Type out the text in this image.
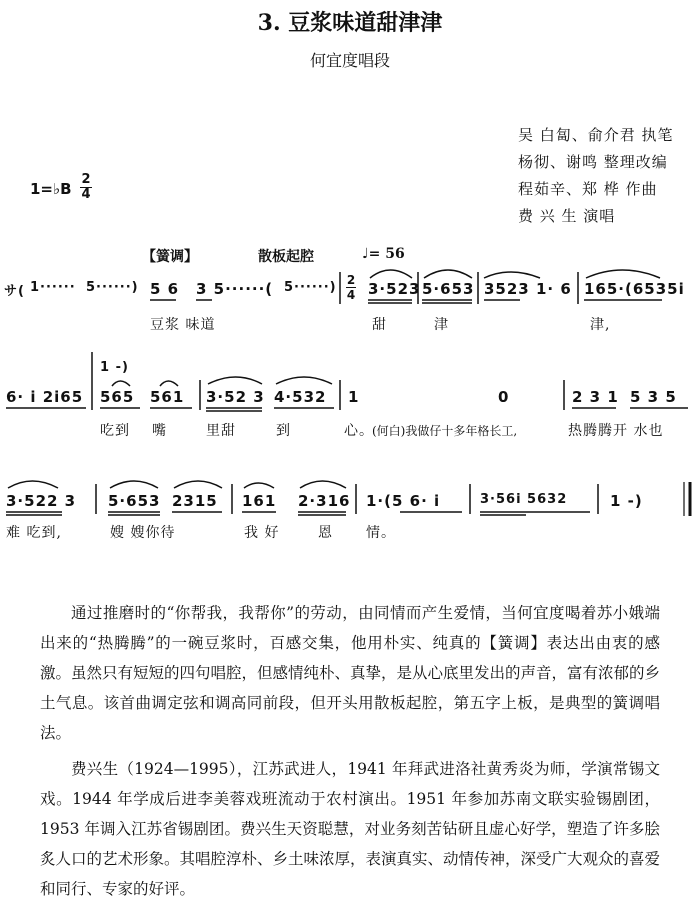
3. 豆浆味道甜津津
何宜度唱段
吴 白匐、俞介君 执笔
杨彻、谢鸣 整理改编
程茹辛、郑 桦 作曲
费 兴 生 演唱
1=♭B
2
4
【簧调】	散板起腔	♩= 56
サ( 1······ 5······) 5 6 3 5······( 5······) 2
4 3·523 5·653 3523 1· 6 165·(6535i
豆浆 味道	甜	津	津,
6· i 2i65
1 -)
565 561 3·52 3 4·532 1	0	2 3 1 5 3 5
吃到 嘴	里甜	到	心。
(何白)我做仔十多年格长工,	热腾腾开 水也
3·522 3 5·653 2315 161 2·316 1·(5 6· i	3·56i 5632	1 -)
难 吃到,	嫂 嫂你待	我 好	恩 情。

通过推磨时的“你帮我，我帮你”的劳动，由同情而产生爱情，当何宜度喝着苏小娥端出来的“热腾腾”的一碗豆浆时，百感交集，他用朴实、纯真的【簧调】表达出由衷的感激。虽然只有短短的四句唱腔，但感情纯朴、真挚，是从心底里发出的声音，富有浓郁的乡土气息。该首曲调定弦和调高同前段，但开头用散板起腔，第五字上板，是典型的簧调唱法。

费兴生（1924—1995），江苏武进人，1941 年拜武进洛社黄秀炎为师，学演常锡文戏。1944 年学成后进李美蓉戏班流动于农村演出。1951 年参加苏南文联实验锡剧团，1953 年调入江苏省锡剧团。费兴生天资聪慧，对业务刻苦钻研且虚心好学，塑造了许多脍炙人口的艺术形象。其唱腔淳朴、乡土味浓厚，表演真实、动情传神，深受广大观众的喜爱和同行、专家的好评。
